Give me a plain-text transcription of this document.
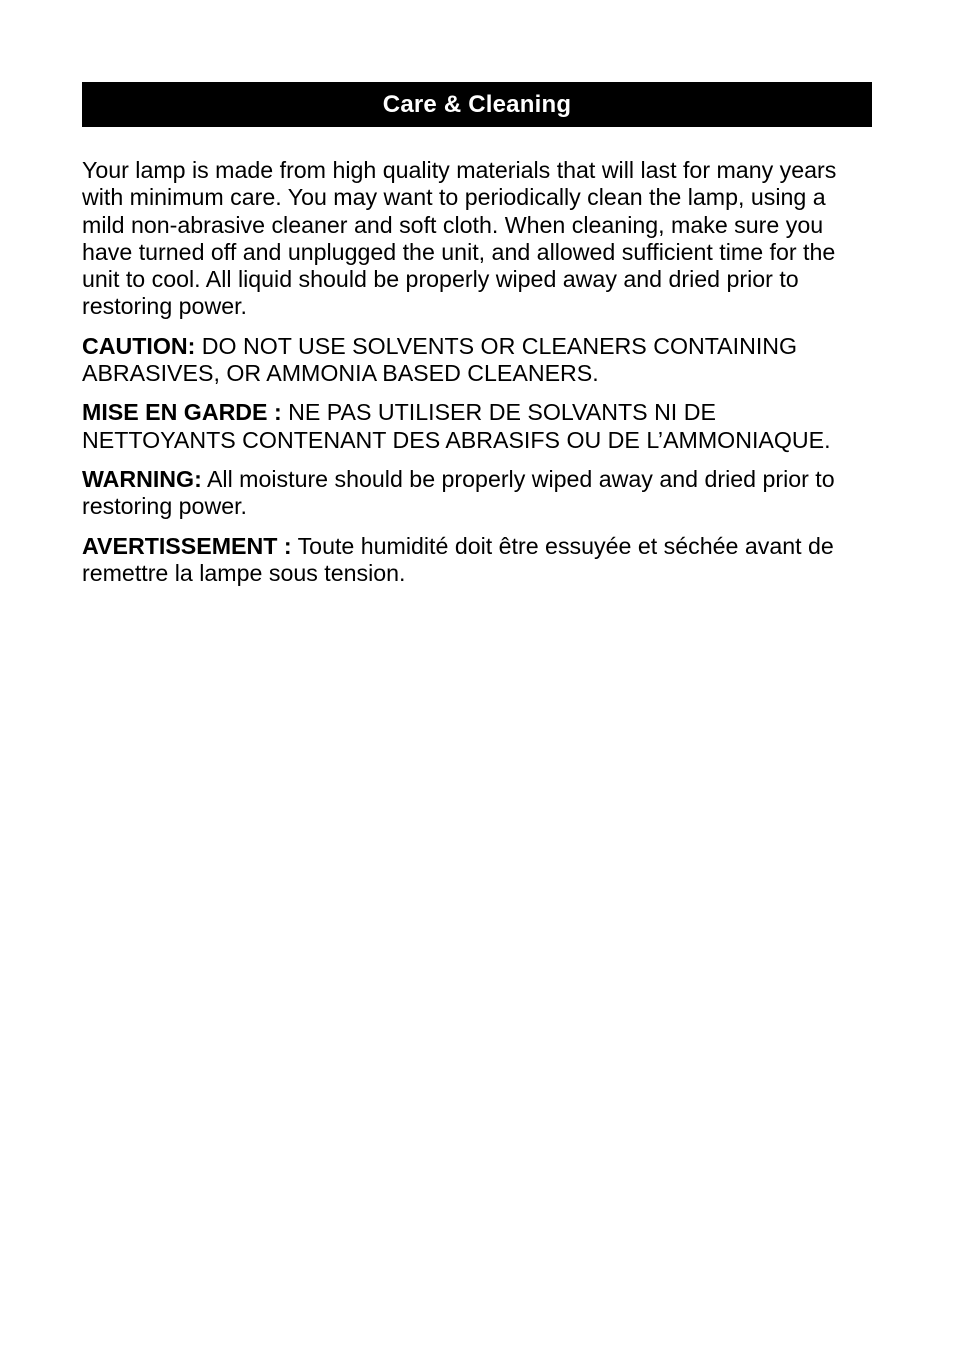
Care & Cleaning

Your lamp is made from high quality materials that will last for many years with minimum care. You may want to periodically clean the lamp, using a mild non-abrasive cleaner and soft cloth. When cleaning, make sure you have turned off and unplugged the unit, and allowed sufficient time for the unit to cool. All liquid should be properly wiped away and dried prior to restoring power.

CAUTION: DO NOT USE SOLVENTS OR CLEANERS CONTAINING ABRASIVES, OR AMMONIA BASED CLEANERS.

MISE EN GARDE : NE PAS UTILISER DE SOLVANTS NI DE NETTOYANTS CONTENANT DES ABRASIFS OU DE L’AMMONIAQUE.

WARNING: All moisture should be properly wiped away and dried prior to restoring power.

AVERTISSEMENT : Toute humidité doit être essuyée et séchée avant de remettre la lampe sous tension.
